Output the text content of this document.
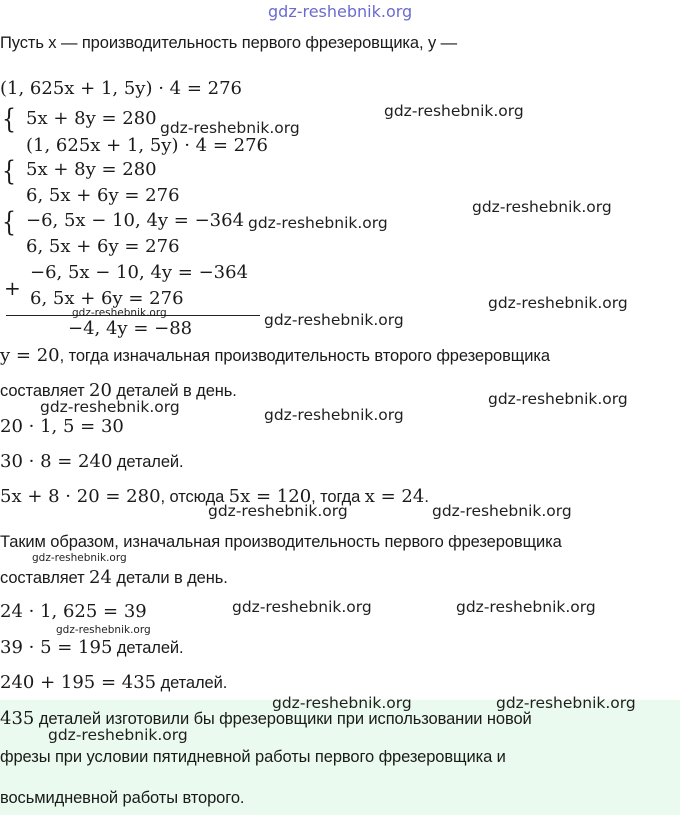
gdz-reshebnik.org
Пусть x — производительность первого фрезеровщика, y —
(1, 625x + 1, 5y) · 4 = 276
{ 5x + 8y = 280
(1, 625x + 1, 5y) · 4 = 276
{ 5x + 8y = 280
6, 5x + 6y = 276
{ −6, 5x − 10, 4y = −364
6, 5x + 6y = 276
+
−6, 5x − 10, 4y = −364
6, 5x + 6y = 276
−4, 4y = −88
y = 20, тогда изначальная производительность второго фрезеровщика
составляет 20 деталей в день.
20 · 1, 5 = 30
30 · 8 = 240 деталей.
5x + 8 · 20 = 280, отсюда 5x = 120, тогда x = 24.
Таким образом, изначальная производительность первого фрезеровщика
составляет 24 детали в день.
24 · 1, 625 = 39
39 · 5 = 195 деталей.
240 + 195 = 435 деталей.
435 деталей изготовили бы фрезеровщики при использовании новой
фрезы при условии пятидневной работы первого фрезеровщика и
восьмидневной работы второго.
gdz-reshebnik.org
gdz-reshebnik.org
gdz-reshebnik.org
gdz-reshebnik.org
gdz-reshebnik.org
gdz-reshebnik.org	gdz-reshebnik.org
gdz-reshebnik.org
gdz-reshebnik.org	gdz-reshebnik.org
gdz-reshebnik.org	gdz-reshebnik.org
gdz-reshebnik.org
gdz-reshebnik.org	gdz-reshebnik.org
gdz-reshebnik.org
gdz-reshebnik.org	gdz-reshebnik.org
gdz-reshebnik.org
